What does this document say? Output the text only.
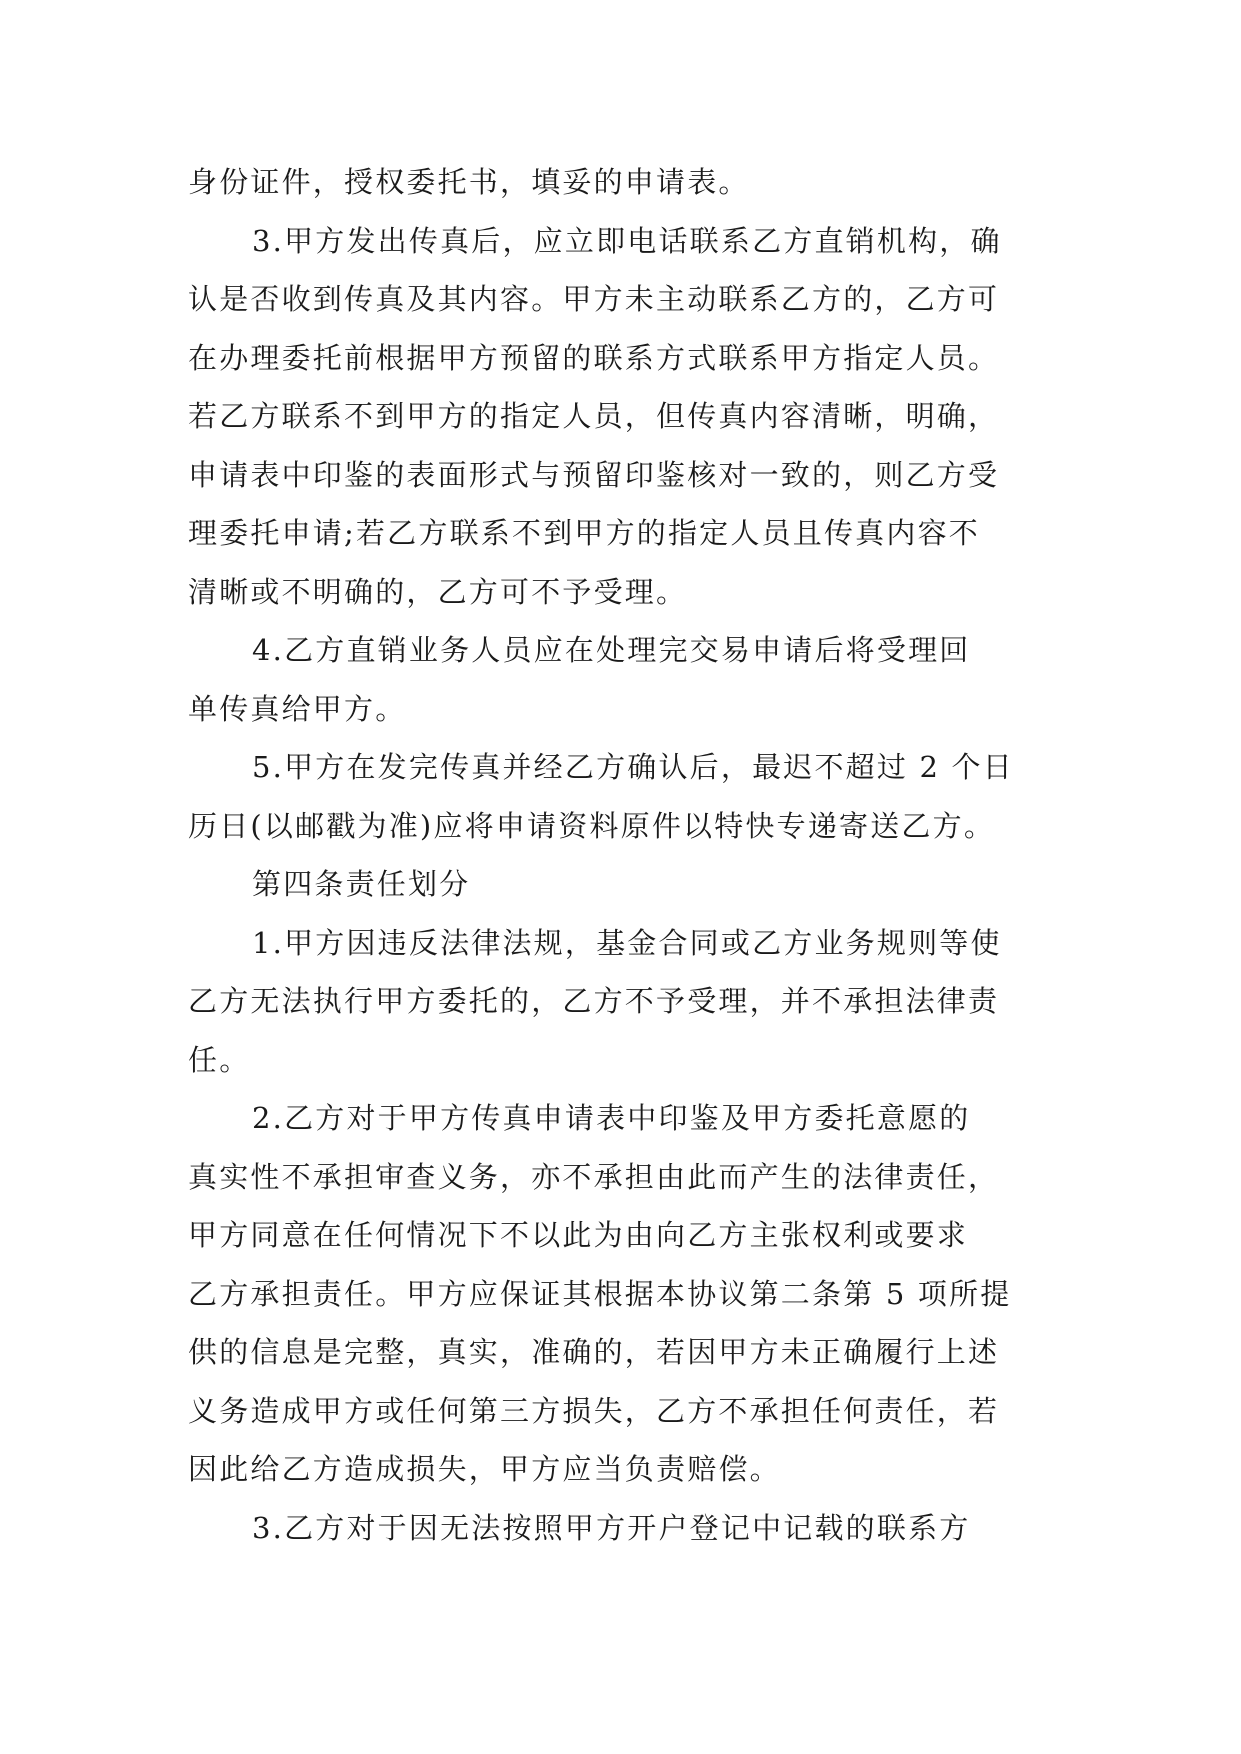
身份证件，授权委托书，填妥的申请表。
3.甲方发出传真后，应立即电话联系乙方直销机构，确
认是否收到传真及其内容。甲方未主动联系乙方的，乙方可
在办理委托前根据甲方预留的联系方式联系甲方指定人员。
若乙方联系不到甲方的指定人员，但传真内容清晰，明确，
申请表中印鉴的表面形式与预留印鉴核对一致的，则乙方受
理委托申请;若乙方联系不到甲方的指定人员且传真内容不
清晰或不明确的，乙方可不予受理。
4.乙方直销业务人员应在处理完交易申请后将受理回
单传真给甲方。
5.甲方在发完传真并经乙方确认后，最迟不超过 2 个日
历日(以邮戳为准)应将申请资料原件以特快专递寄送乙方。
第四条责任划分
1.甲方因违反法律法规，基金合同或乙方业务规则等使
乙方无法执行甲方委托的，乙方不予受理，并不承担法律责
任。
2.乙方对于甲方传真申请表中印鉴及甲方委托意愿的
真实性不承担审查义务，亦不承担由此而产生的法律责任，
甲方同意在任何情况下不以此为由向乙方主张权利或要求
乙方承担责任。甲方应保证其根据本协议第二条第 5 项所提
供的信息是完整，真实，准确的，若因甲方未正确履行上述
义务造成甲方或任何第三方损失，乙方不承担任何责任，若
因此给乙方造成损失，甲方应当负责赔偿。
3.乙方对于因无法按照甲方开户登记中记载的联系方
